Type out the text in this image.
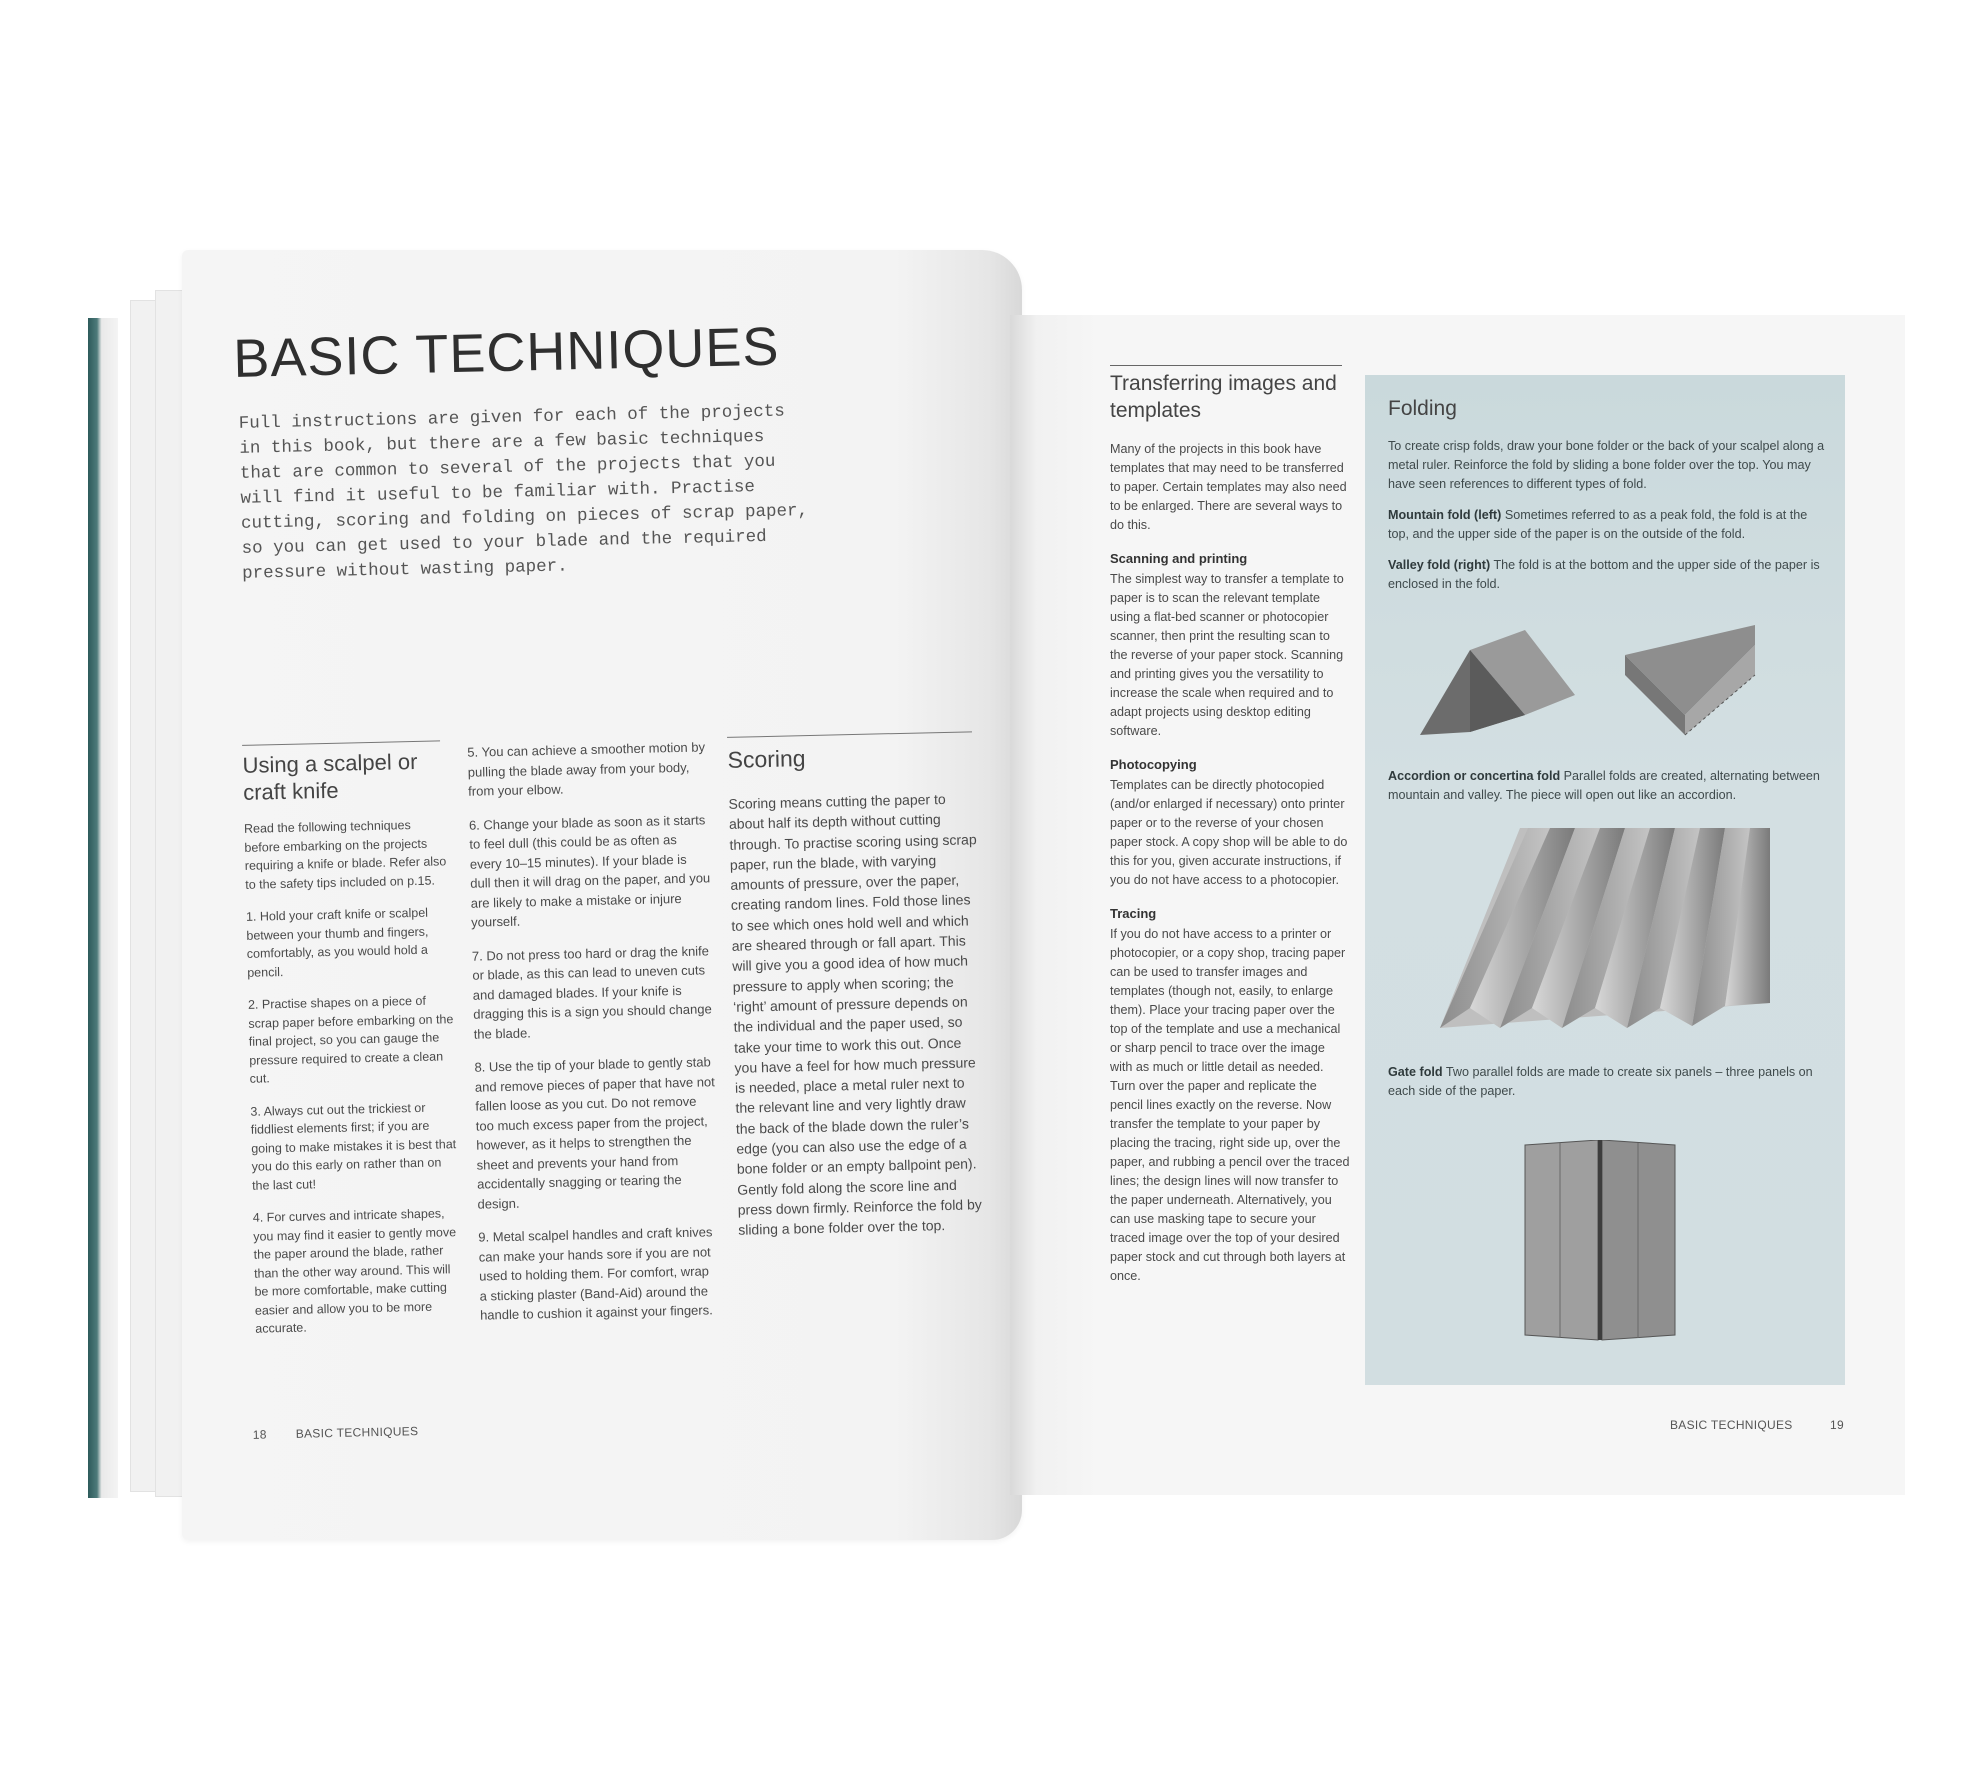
BASIC TECHNIQUES
Full instructions are given for each of the projects in this book, but there are a few basic techniques that are common to several of the projects that you will find it useful to be familiar with. Practise cutting, scoring and folding on pieces of scrap paper, so you can get used to your blade and the required pressure without wasting paper.
Using a scalpel or craft knife

Read the following techniques before embarking on the projects requiring a knife or blade. Refer also to the safety tips included on p.15.

1. Hold your craft knife or scalpel between your thumb and fingers, comfortably, as you would hold a pencil.

2. Practise shapes on a piece of scrap paper before embarking on the final project, so you can gauge the pressure required to create a clean cut.

3. Always cut out the trickiest or fiddliest elements first; if you are going to make mistakes it is best that you do this early on rather than on the last cut!

4. For curves and intricate shapes, you may find it easier to gently move the paper around the blade, rather than the other way around. This will be more comfortable, make cutting easier and allow you to be more accurate.

5. You can achieve a smoother motion by pulling the blade away from your body, from your elbow.

6. Change your blade as soon as it starts to feel dull (this could be as often as every 10–15 minutes). If your blade is dull then it will drag on the paper, and you are likely to make a mistake or injure yourself.

7. Do not press too hard or drag the knife or blade, as this can lead to uneven cuts and damaged blades. If your knife is dragging this is a sign you should change the blade.

8. Use the tip of your blade to gently stab and remove pieces of paper that have not fallen loose as you cut. Do not remove too much excess paper from the project, however, as it helps to strengthen the sheet and prevents your hand from accidentally snagging or tearing the design.

9. Metal scalpel handles and craft knives can make your hands sore if you are not used to holding them. For comfort, wrap a sticking plaster (Band-Aid) around the handle to cushion it against your fingers.

Scoring
Scoring means cutting the paper to about half its depth without cutting through. To practise scoring using scrap paper, run the blade, with varying amounts of pressure, over the paper, creating random lines. Fold those lines to see which ones hold well and which are sheared through or fall apart. This will give you a good idea of how much pressure to apply when scoring; the ‘right’ amount of pressure depends on the individual and the paper used, so take your time to work this out. Once you have a feel for how much pressure is needed, place a metal ruler next to the relevant line and very lightly draw the back of the blade down the ruler’s edge (you can also use the edge of a bone folder or an empty ballpoint pen). Gently fold along the score line and press down firmly. Reinforce the fold by sliding a bone folder over the top.
18 BASIC TECHNIQUES
Transferring images and templates

Many of the projects in this book have templates that may need to be transferred to paper. Certain templates may also need to be enlarged. There are several ways to do this.

Scanning and printing

The simplest way to transfer a template to paper is to scan the relevant template using a flat-bed scanner or photocopier scanner, then print the resulting scan to the reverse of your paper stock. Scanning and printing gives you the versatility to increase the scale when required and to adapt projects using desktop editing software.

Photocopying

Templates can be directly photocopied (and/or enlarged if necessary) onto printer paper or to the reverse of your chosen paper stock. A copy shop will be able to do this for you, given accurate instructions, if you do not have access to a photocopier.

Tracing

If you do not have access to a printer or photocopier, or a copy shop, tracing paper can be used to transfer images and templates (though not, easily, to enlarge them). Place your tracing paper over the top of the template and use a mechanical or sharp pencil to trace over the image with as much or little detail as needed. Turn over the paper and replicate the pencil lines exactly on the reverse. Now transfer the template to your paper by placing the tracing, right side up, over the paper, and rubbing a pencil over the traced lines; the design lines will now transfer to the paper underneath. Alternatively, you can use masking tape to secure your traced image over the top of your desired paper stock and cut through both layers at once.

Folding

To create crisp folds, draw your bone folder or the back of your scalpel along a metal ruler. Reinforce the fold by sliding a bone folder over the top. You may have seen references to different types of fold.

Mountain fold (left) Sometimes referred to as a peak fold, the fold is at the top, and the upper side of the paper is on the outside of the fold.

Valley fold (right) The fold is at the bottom and the upper side of the paper is enclosed in the fold.

Accordion or concertina fold Parallel folds are created, alternating between mountain and valley. The piece will open out like an accordion.
Gate fold Two parallel folds are made to create six panels – three panels on each side of the paper.
BASIC TECHNIQUES	19
